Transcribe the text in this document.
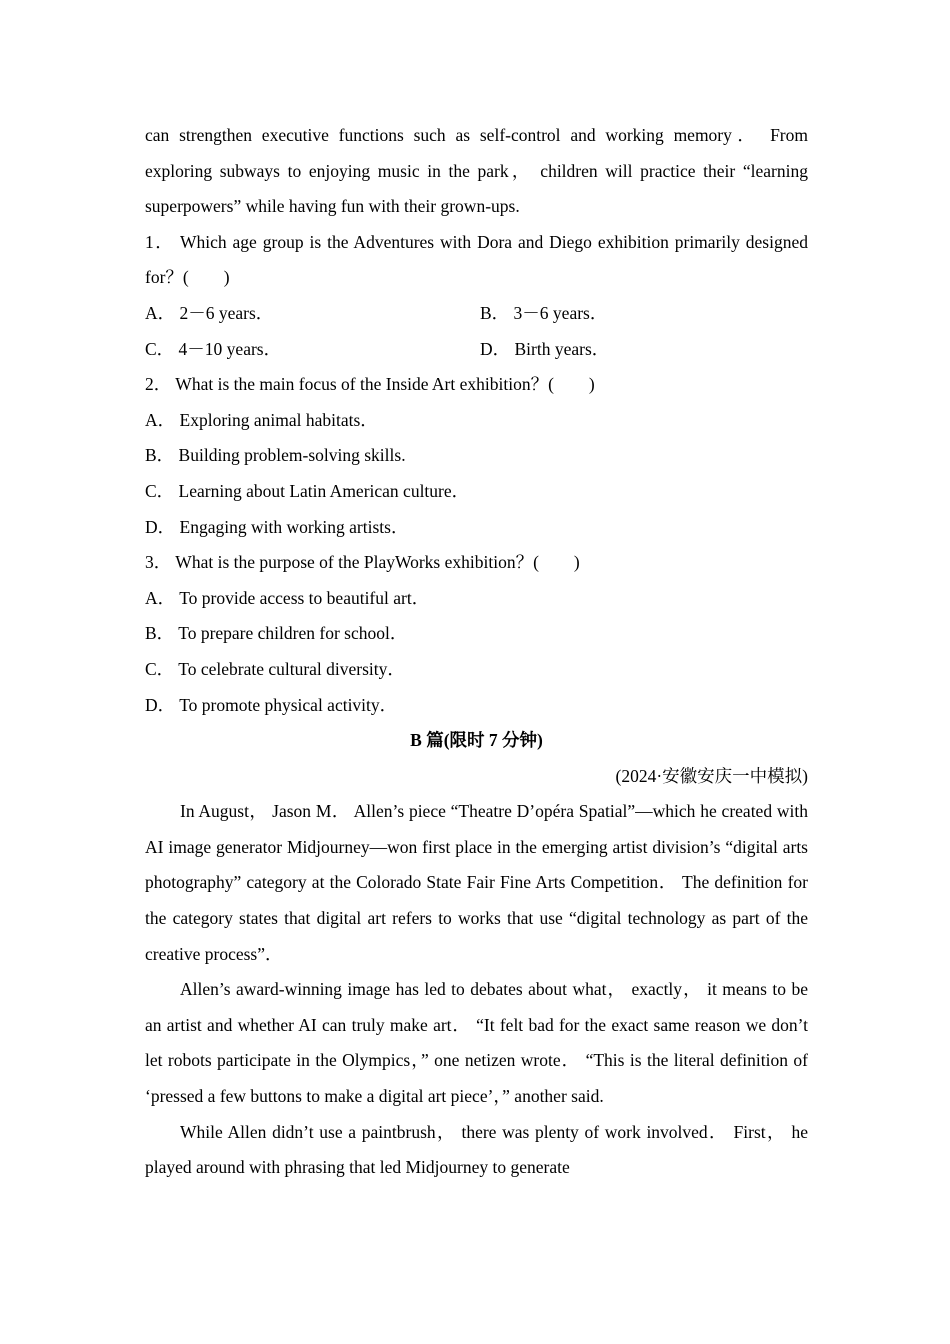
can strengthen executive functions such as self-control and working memory． From exploring subways to enjoying music in the park， children will practice their “learning superpowers” while having fun with their grown-ups.

1． Which age group is the Adventures with Dora and Diego exhibition primarily designed for？(　　)

A． 2－6 years．	B． 3－6 years．
C． 4－10 years．	D． Birth years．

2． What is the main focus of the Inside Art exhibition？(　　)

A． Exploring animal habitats．

B． Building problem-solving skills.

C． Learning about Latin American culture．

D． Engaging with working artists．

3． What is the purpose of the PlayWorks exhibition？(　　)

A． To provide access to beautiful art．

B． To prepare children for school．

C． To celebrate cultural diversity．

D． To promote physical activity．

B 篇(限时 7 分钟)

(2024·安徽安庆一中模拟)

In August， Jason M． Allen’s piece “Theatre D’opéra Spatial”—which he created with AI image generator Midjourney—won first place in the emerging artist division’s “digital arts photography” category at the Colorado State Fair Fine Arts Competition． The definition for the category states that digital art refers to works that use “digital technology as part of the creative process”．

Allen’s award-winning image has led to debates about what， exactly， it means to be an artist and whether AI can truly make art． “It felt bad for the exact same reason we don’t let robots participate in the Olympics，” one netizen wrote． “This is the literal definition of ‘pressed a few buttons to make a digital art piece’，” another said.

While Allen didn’t use a paintbrush， there was plenty of work involved． First， he played around with phrasing that led Midjourney to generate
